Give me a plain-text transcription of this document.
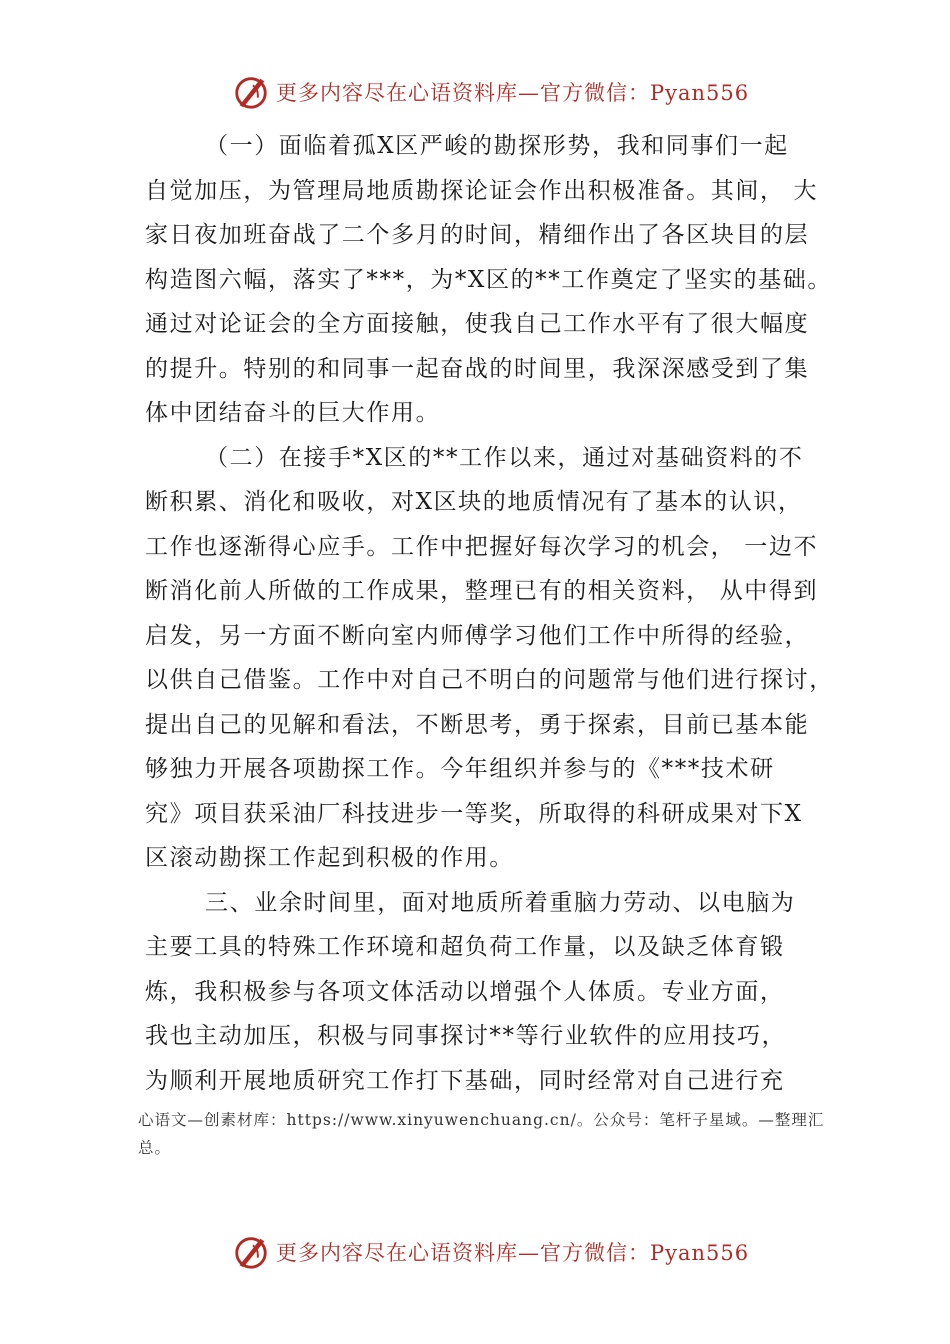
更多内容尽在心语资料库—官方微信：Pyan556
（一）面临着孤X区严峻的勘探形势，我和同事们一起
自觉加压，为管理局地质勘探论证会作出积极准备。其间， 大
家日夜加班奋战了二个多月的时间，精细作出了各区块目的层
构造图六幅，落实了***，为*X区的**工作奠定了坚实的基础。
通过对论证会的全方面接触，使我自己工作水平有了很大幅度
的提升。特别的和同事一起奋战的时间里，我深深感受到了集
体中团结奋斗的巨大作用。
（二）在接手*X区的**工作以来，通过对基础资料的不
断积累、消化和吸收，对X区块的地质情况有了基本的认识，
工作也逐渐得心应手。工作中把握好每次学习的机会， 一边不
断消化前人所做的工作成果，整理已有的相关资料， 从中得到
启发，另一方面不断向室内师傅学习他们工作中所得的经验，
以供自己借鉴。工作中对自己不明白的问题常与他们进行探讨，
提出自己的见解和看法，不断思考，勇于探索，目前已基本能
够独力开展各项勘探工作。今年组织并参与的《***技术研
究》项目获采油厂科技进步一等奖，所取得的科研成果对下X
区滚动勘探工作起到积极的作用。
三、业余时间里，面对地质所着重脑力劳动、以电脑为
主要工具的特殊工作环境和超负荷工作量，以及缺乏体育锻
炼，我积极参与各项文体活动以增强个人体质。专业方面，
我也主动加压，积极与同事探讨**等行业软件的应用技巧，
为顺利开展地质研究工作打下基础，同时经常对自己进行充
心语文—创素材库：https://www.xinyuwenchuang.cn/。公众号：笔杆子星域。—整理汇
总。
更多内容尽在心语资料库—官方微信：Pyan556
